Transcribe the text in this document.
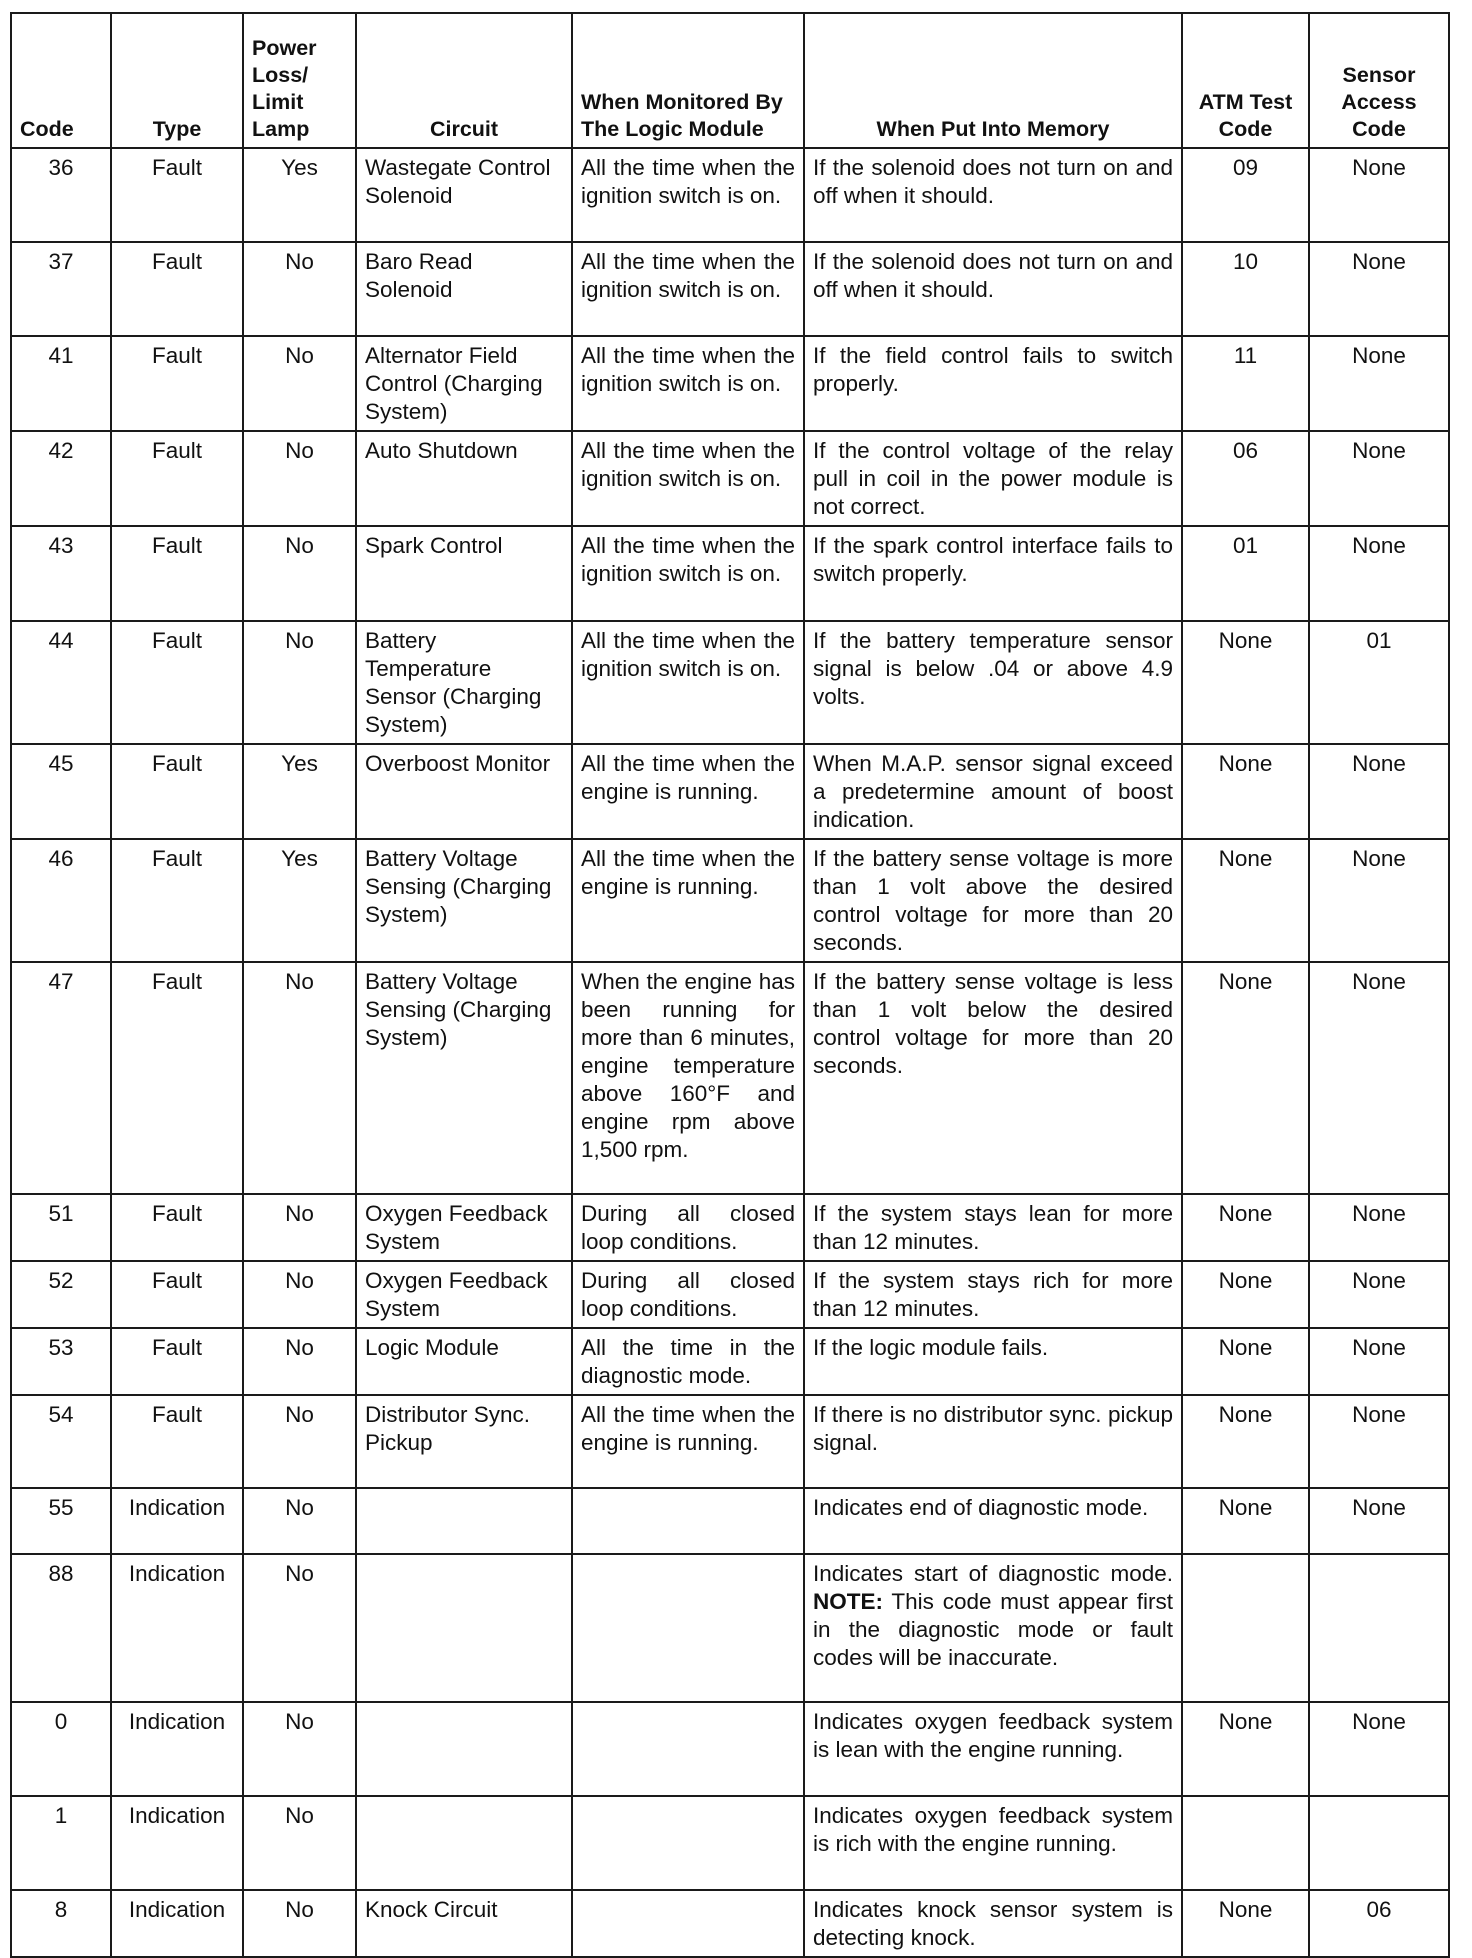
Code	Type	Power Loss/ Limit Lamp	Circuit	When Monitored By The Logic Module	When Put Into Memory	ATM Test Code	Sensor Access Code
36	Fault	Yes	Wastegate Control Solenoid	All the time when the ignition switch is on.	If the solenoid does not turn on and off when it should.	09	None
37	Fault	No	Baro Read Solenoid	All the time when the ignition switch is on.	If the solenoid does not turn on and off when it should.	10	None
41	Fault	No	Alternator Field Control (Charging System)	All the time when the ignition switch is on.	If the field control fails to switch properly.	11	None
42	Fault	No	Auto Shutdown	All the time when the ignition switch is on.	If the control voltage of the relay pull in coil in the power module is not correct.	06	None
43	Fault	No	Spark Control	All the time when the ignition switch is on.	If the spark control interface fails to switch properly.	01	None
44	Fault	No	Battery Temperature Sensor (Charging System)	All the time when the ignition switch is on.	If the battery temperature sensor signal is below .04 or above 4.9 volts.	None	01
45	Fault	Yes	Overboost Monitor	All the time when the engine is running.	When M.A.P. sensor signal exceed a predetermine amount of boost indication.	None	None
46	Fault	Yes	Battery Voltage Sensing (Charging System)	All the time when the engine is running.	If the battery sense voltage is more than 1 volt above the desired control voltage for more than 20 seconds.	None	None
47	Fault	No	Battery Voltage Sensing (Charging System)	When the engine has been running for more than 6 minutes, engine temperature above 160°F and engine rpm above 1,500 rpm.	If the battery sense voltage is less than 1 volt below the desired control voltage for more than 20 seconds.	None	None
51	Fault	No	Oxygen Feedback System	During all closed loop conditions.	If the system stays lean for more than 12 minutes.	None	None
52	Fault	No	Oxygen Feedback System	During all closed loop conditions.	If the system stays rich for more than 12 minutes.	None	None
53	Fault	No	Logic Module	All the time in the diagnostic mode.	If the logic module fails.	None	None
54	Fault	No	Distributor Sync. Pickup	All the time when the engine is running.	If there is no distributor sync. pickup signal.	None	None
55	Indication	No			Indicates end of diagnostic mode.	None	None
88	Indication	No			Indicates start of diagnostic mode. NOTE: This code must appear first in the diagnostic mode or fault codes will be inaccurate.		
0	Indication	No			Indicates oxygen feedback system is lean with the engine running.	None	None
1	Indication	No			Indicates oxygen feedback system is rich with the engine running.		
8	Indication	No	Knock Circuit		Indicates knock sensor system is detecting knock.	None	06
